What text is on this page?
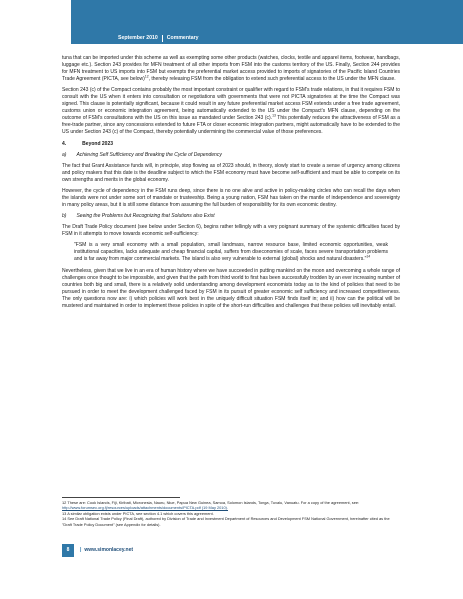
September 2010 Commentary

tuna that can be imported under this scheme as well as exempting some other products (watches, clocks, textile and apparel items, footwear, handbags, luggage etc.). Section 243 provides for MFN treatment of all other imports from FSM into the customs territory of the US. Finally, Section 244 provides for MFN treatment to US imports into FSM but exempts the preferential market access provided to imports of signatories of the Pacific Island Countries Trade Agreement (PICTA, see below)$^{12}$, thereby releasing FSM from the obligation to extend such preferential access to the US under the MFN clause.

Section 243 (c) of the Compact contains probably the most important constraint or qualifier with regard to FSM's trade relations, in that it requires FSM to consult with the US when it enters into consultation or negotiations with governments that were not PICTA signatories at the time the Compact was signed. This clause is potentially significant, because it could result in any future preferential market access FSM extends under a free trade agreement, customs union or economic integration agreement, being automatically extended to the US under the Compact's MFN clause, depending on the outcome of FSM's consultations with the US on this issue as mandated under Section 243 (c).$^{13}$ This potentially reduces the attractiveness of FSM as a free-trade partner, since any concessions extended to future FTA or closer economic integration partners, might automatically have to be extended to the US under Section 243 (c) of the Compact, thereby potentially undermining the commercial value of those preferences.

4.	Beyond 2023
a) Achieving Self Sufficiency and Breaking the Cycle of Dependency

The fact that Grant Assistance funds will, in principle, stop flowing as of 2023 should, in theory, slowly start to create a sense of urgency among citizens and policy makers that this date is the deadline subject to which the FSM economy must have become self-sufficient and must be able to compete on its own strengths and merits in the global economy.

However, the cycle of dependency in the FSM runs deep, since there is no one alive and active in policy-making circles who can recall the days when the islands were not under some sort of mandate or trusteeship. Being a young nation, FSM has taken on the mantle of independence and sovereignty in many policy areas, but it is still some distance from assuming the full burden of responsibility for its own economic destiny.

b) Seeing the Problems but Recognizing that Solutions also Exist

The Draft Trade Policy document (see below under Section 6), begins rather tellingly with a very poignant summary of the systemic difficulties faced by FSM in it attempts to move towards economic self-sufficiency:

"FSM is a very small economy with a small population, small landmass, narrow resource base, limited economic opportunities, weak institutional capacities, lacks adequate and cheap financial capital, suffers from diseconomies of scale, faces severe transportation problems and is far away from major commercial markets. The island is also very vulnerable to external (global) shocks and natural disasters."$^{14}$

Nevertheless, given that we live in an era of human history where we have succeeded in putting mankind on the moon and overcoming a whole range of challenges once thought to be impossible, and given that the path from third world to first has been successfully trodden by an ever increasing number of countries both big and small, there is a relatively solid understanding among development economists today as to the kind of policies that need to be pursued in order to meet the development challenged faced by FSM in its pursuit of greater economic self sufficiency and increased competitiveness. The only questions now are: i) which policies will work best in the uniquely difficult situation FSM finds itself in; and ii) how can the political will be mustered and maintained in order to implement these policies in spite of the short-run difficulties and challenges that these policies will inevitably entail.

12 These are: Cook Islands, Fiji, Kiribati, Micronesia, Nauru, Niue, Papua New Guinea, Samoa, Solomon Islands, Tonga, Tuvalu, Vanuatu. For a copy of the agreement, see:
http://www.forumsec.org.fj/resources/uploads/attachments/documents/PICTA.pdf (19 May 2010).
13 A similar obligation exists under PICTA, see section 4.1 which covers this agreement.
14 See Draft National Trade Policy (Final Draft), authored by Division of Trade and Investment Department of Resources and Development FSM National Government, hereinafter cited as the "Draft Trade Policy Document" (see Appendix for details).
8	| www.simonlacey.net
